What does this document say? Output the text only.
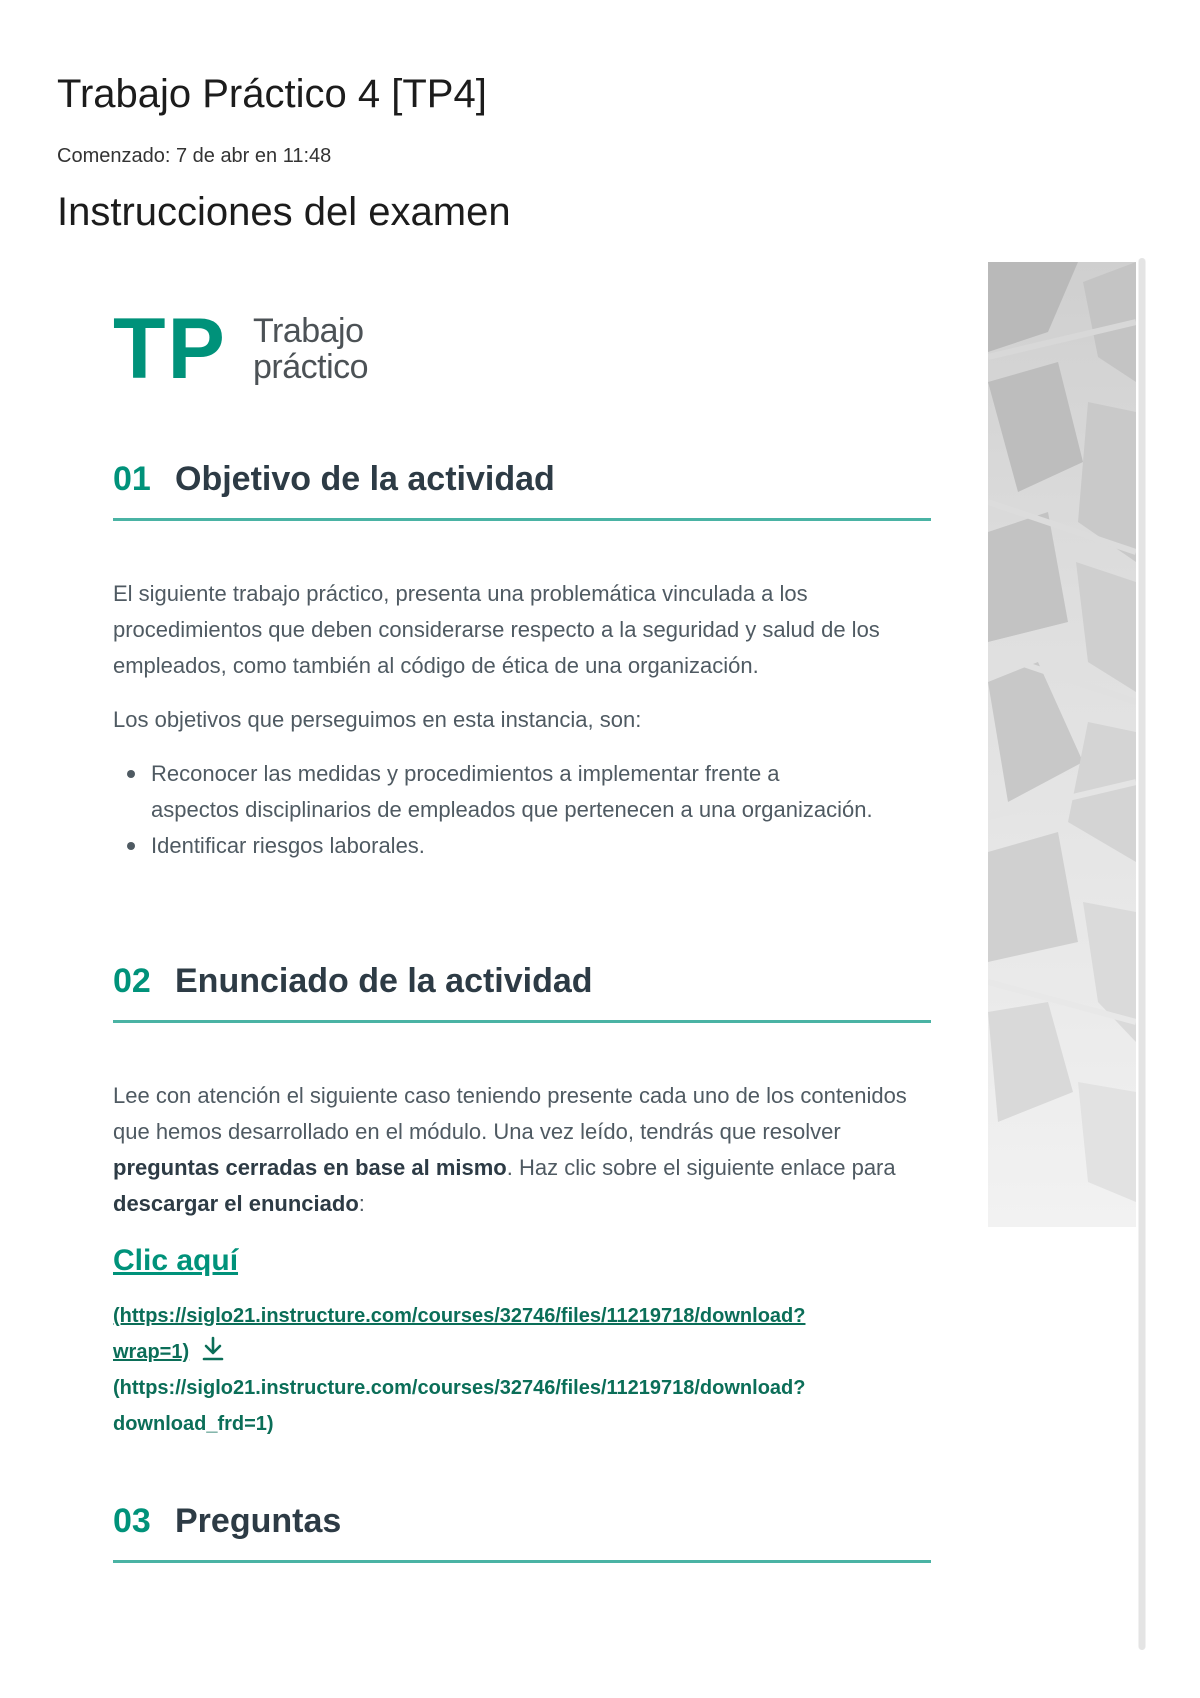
Trabajo Práctico 4 [TP4]
Comenzado: 7 de abr en 11:48
Instrucciones del examen
TP Trabajo
práctico
01 Objetivo de la actividad

El siguiente trabajo práctico, presenta una problemática vinculada a los procedimientos que deben considerarse respecto a la seguridad y salud de los empleados, como también al código de ética de una organización.

Los objetivos que perseguimos en esta instancia, son:

Reconocer las medidas y procedimientos a implementar frente a aspectos disciplinarios de empleados que pertenecen a una organización.
Identificar riesgos laborales.
02 Enunciado de la actividad

Lee con atención el siguiente caso teniendo presente cada uno de los contenidos que hemos desarrollado en el módulo. Una vez leído, tendrás que resolver preguntas cerradas en base al mismo. Haz clic sobre el siguiente enlace para descargar el enunciado:

Clic aquí
(https://siglo21.instructure.com/courses/32746/files/11219718/download?
wrap=1)
(https://siglo21.instructure.com/courses/32746/files/11219718/download?
download_frd=1)
03 Preguntas
